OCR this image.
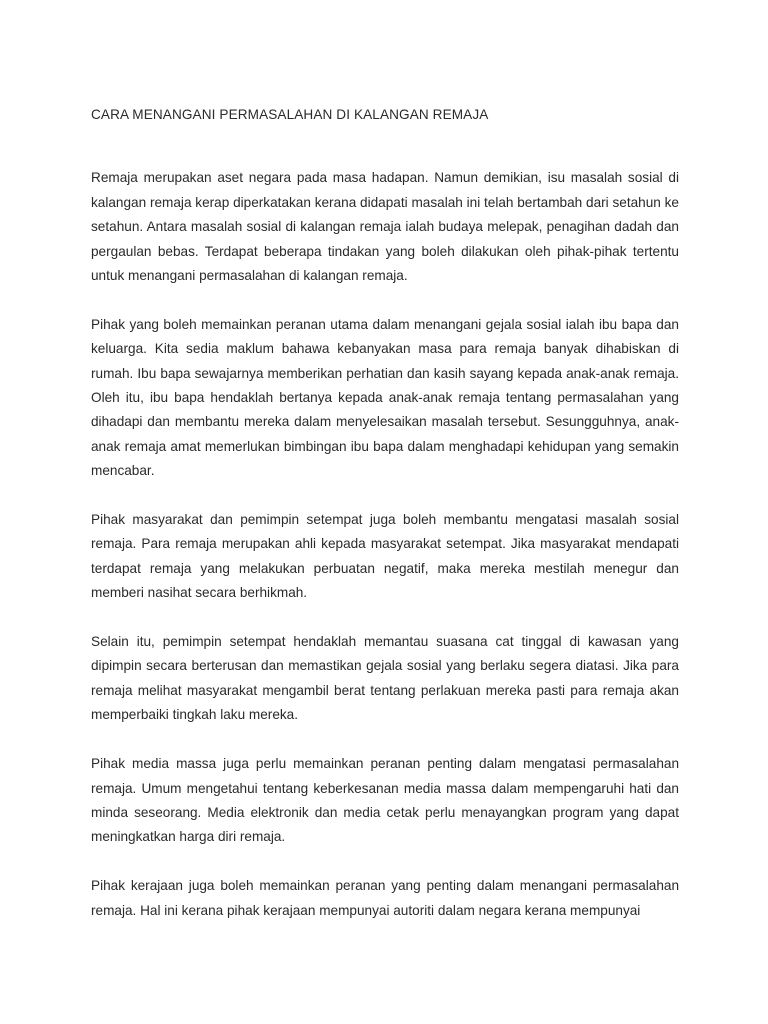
CARA MENANGANI PERMASALAHAN DI KALANGAN REMAJA

Remaja merupakan aset negara pada masa hadapan. Namun demikian, isu masalah sosial di kalangan remaja kerap diperkatakan kerana didapati masalah ini telah bertambah dari setahun ke setahun. Antara masalah sosial di kalangan remaja ialah budaya melepak, penagihan dadah dan pergaulan bebas. Terdapat beberapa tindakan yang boleh dilakukan oleh pihak-pihak tertentu untuk menangani permasalahan di kalangan remaja.

Pihak yang boleh memainkan peranan utama dalam menangani gejala sosial ialah ibu bapa dan keluarga. Kita sedia maklum bahawa kebanyakan masa para remaja banyak dihabiskan di rumah. Ibu bapa sewajarnya memberikan perhatian dan kasih sayang kepada anak-anak remaja. Oleh itu, ibu bapa hendaklah bertanya kepada anak-anak remaja tentang permasalahan yang dihadapi dan membantu mereka dalam menyelesaikan masalah tersebut. Sesungguhnya, anak-anak remaja amat memerlukan bimbingan ibu bapa dalam menghadapi kehidupan yang semakin mencabar.

Pihak masyarakat dan pemimpin setempat juga boleh membantu mengatasi masalah sosial remaja. Para remaja merupakan ahli kepada masyarakat setempat. Jika masyarakat mendapati terdapat remaja yang melakukan perbuatan negatif, maka mereka mestilah menegur dan memberi nasihat secara berhikmah.

Selain itu, pemimpin setempat hendaklah memantau suasana cat tinggal di kawasan yang dipimpin secara berterusan dan memastikan gejala sosial yang berlaku segera diatasi. Jika para remaja melihat masyarakat mengambil berat tentang perlakuan mereka pasti para remaja akan memperbaiki tingkah laku mereka.

Pihak media massa juga perlu memainkan peranan penting dalam mengatasi permasalahan remaja. Umum mengetahui tentang keberkesanan media massa dalam mempengaruhi hati dan minda seseorang. Media elektronik dan media cetak perlu menayangkan program yang dapat meningkatkan harga diri remaja.

Pihak kerajaan juga boleh memainkan peranan yang penting dalam menangani permasalahan remaja. Hal ini kerana pihak kerajaan mempunyai autoriti dalam negara kerana mempunyai
